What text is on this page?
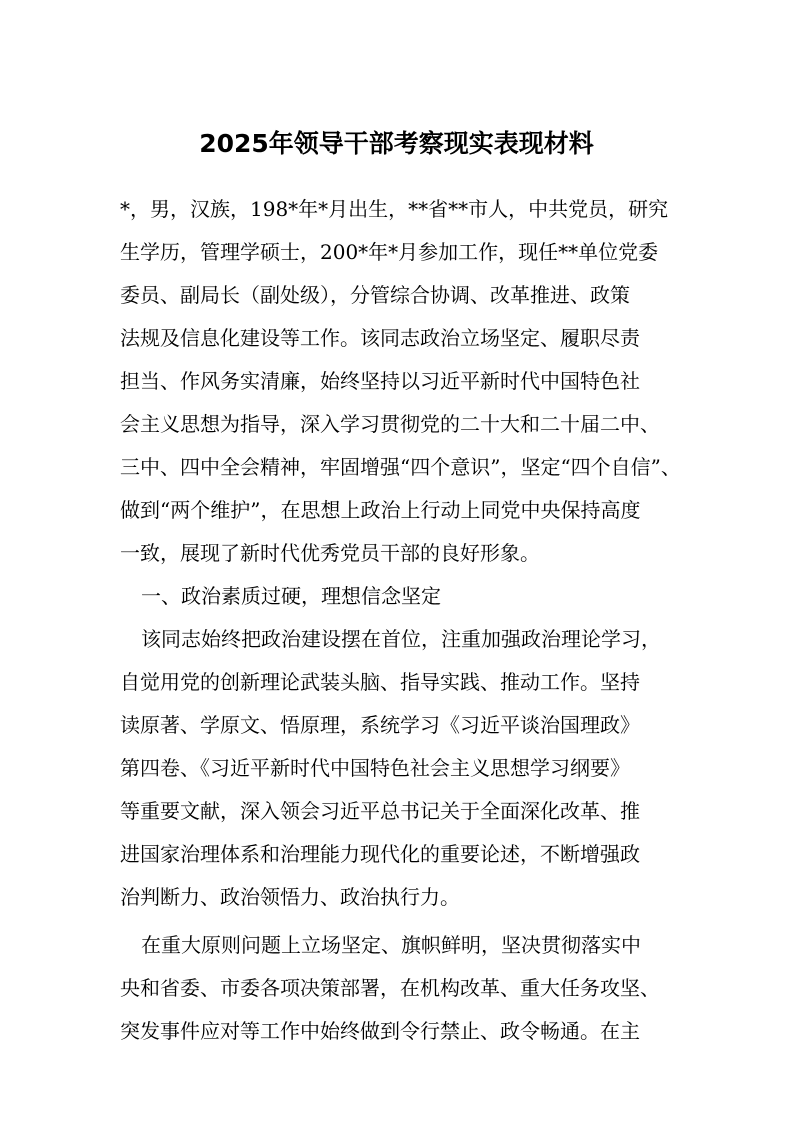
2025年领导干部考察现实表现材料
*，男，汉族，198*年*月出生，**省**市人，中共党员，研究
生学历，管理学硕士，200*年*月参加工作，现任**单位党委
委员、副局长（副处级），分管综合协调、改革推进、政策
法规及信息化建设等工作。该同志政治立场坚定、履职尽责
担当、作风务实清廉，始终坚持以习近平新时代中国特色社
会主义思想为指导，深入学习贯彻党的二十大和二十届二中、
三中、四中全会精神，牢固增强“四个意识”，坚定“四个自信”、
做到“两个维护”，在思想上政治上行动上同党中央保持高度
一致，展现了新时代优秀党员干部的良好形象。
一、政治素质过硬，理想信念坚定
该同志始终把政治建设摆在首位，注重加强政治理论学习，
自觉用党的创新理论武装头脑、指导实践、推动工作。坚持
读原著、学原文、悟原理，系统学习《习近平谈治国理政》
第四卷、《习近平新时代中国特色社会主义思想学习纲要》
等重要文献，深入领会习近平总书记关于全面深化改革、推
进国家治理体系和治理能力现代化的重要论述，不断增强政
治判断力、政治领悟力、政治执行力。
在重大原则问题上立场坚定、旗帜鲜明，坚决贯彻落实中
央和省委、市委各项决策部署，在机构改革、重大任务攻坚、
突发事件应对等工作中始终做到令行禁止、政令畅通。在主
